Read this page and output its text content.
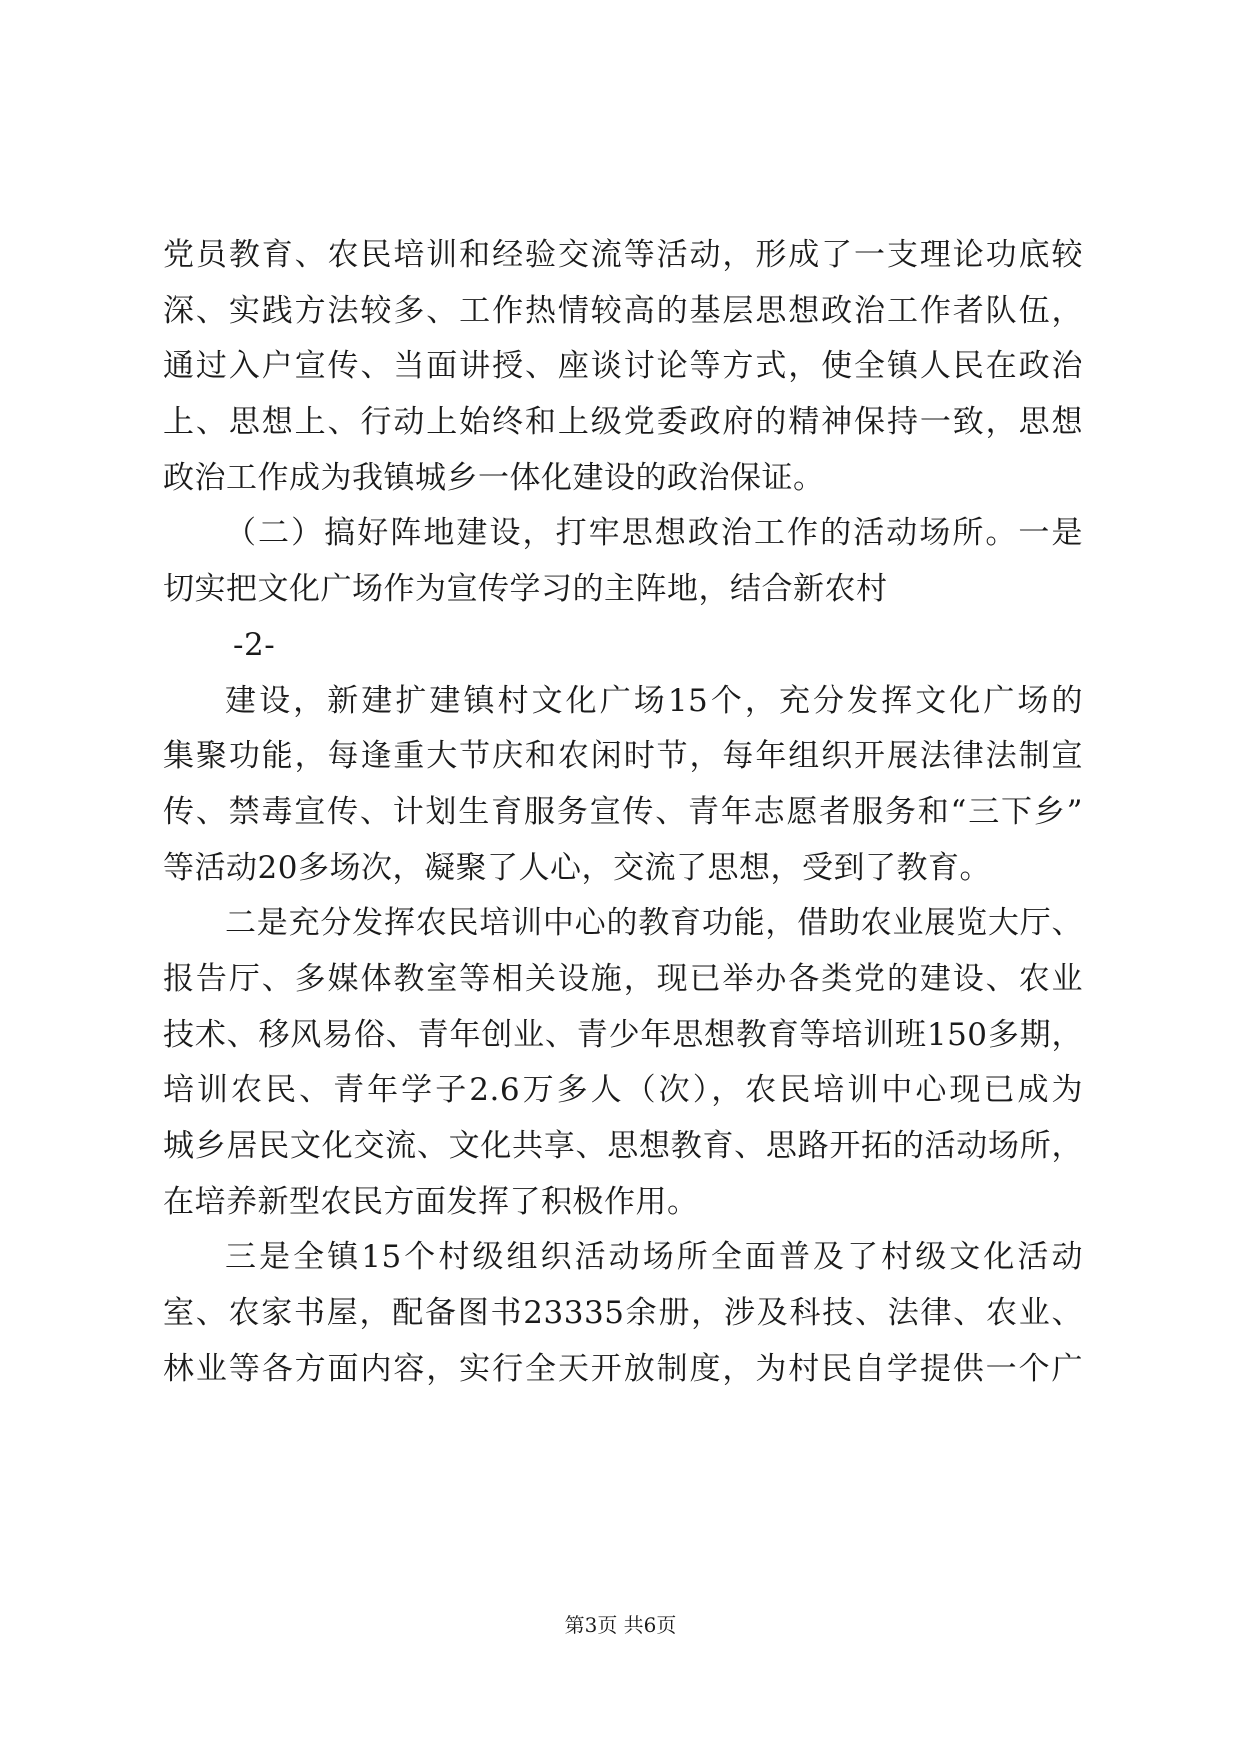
党员教育、农民培训和经验交流等活动，形成了一支理论功底较
深、实践方法较多、工作热情较高的基层思想政治工作者队伍，
通过入户宣传、当面讲授、座谈讨论等方式，使全镇人民在政治
上、思想上、行动上始终和上级党委政府的精神保持一致，思想
政治工作成为我镇城乡一体化建设的政治保证。
（二）搞好阵地建设，打牢思想政治工作的活动场所。一是
切实把文化广场作为宣传学习的主阵地，结合新农村
-2-
建设，新建扩建镇村文化广场15个，充分发挥文化广场的
集聚功能，每逢重大节庆和农闲时节，每年组织开展法律法制宣
传、禁毒宣传、计划生育服务宣传、青年志愿者服务和“三下乡”
等活动20多场次，凝聚了人心，交流了思想，受到了教育。
二是充分发挥农民培训中心的教育功能，借助农业展览大厅、
报告厅、多媒体教室等相关设施，现已举办各类党的建设、农业
技术、移风易俗、青年创业、青少年思想教育等培训班150多期，
培训农民、青年学子2.6万多人（次），农民培训中心现已成为
城乡居民文化交流、文化共享、思想教育、思路开拓的活动场所，
在培养新型农民方面发挥了积极作用。
三是全镇15个村级组织活动场所全面普及了村级文化活动
室、农家书屋，配备图书23335余册，涉及科技、法律、农业、
林业等各方面内容，实行全天开放制度，为村民自学提供一个广
第3页 共6页
